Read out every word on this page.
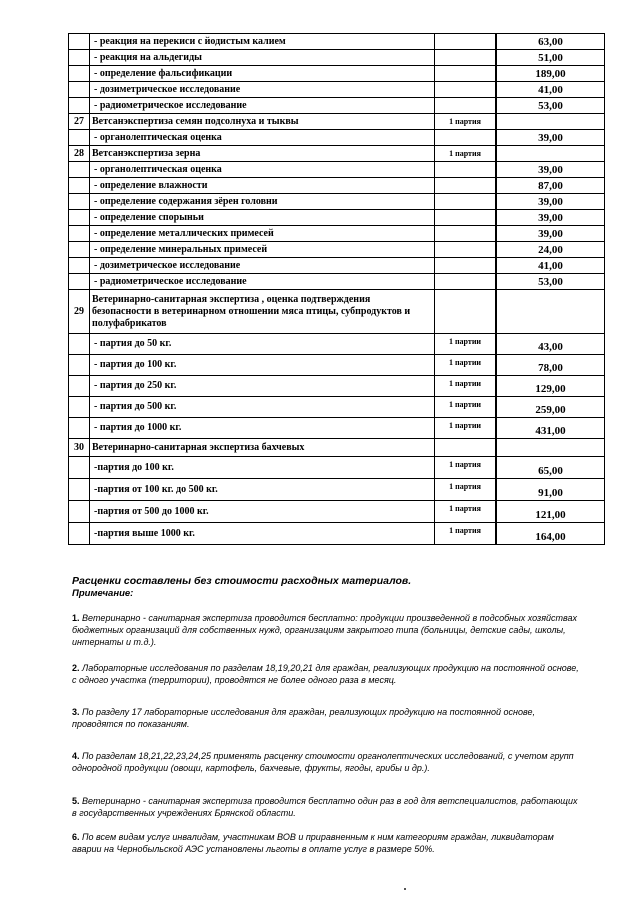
	- реакция на перекиси с йодистым калием		63,00
	- реакция на альдегиды		51,00
	- определение фальсификации		189,00
	- дозиметрическое исследование		41,00
	- радиометрическое исследование		53,00
27	Ветсанэкспертиза семян подсолнуха и тыквы	1 партия	
	- органолептическая оценка		39,00
28	Ветсанэкспертиза зерна	1 партия	
	- органолептическая оценка		39,00
	- определение влажности		87,00
	- определение содержания зёрен головни		39,00
	- определение спорыньи		39,00
	- определение металлических примесей		39,00
	- определение минеральных примесей		24,00
	- дозиметрическое исследование		41,00
	- радиометрическое исследование		53,00
29	Ветеринарно-санитарная экспертиза , оценка подтверждения безопасности в ветеринарном отношении мяса птицы, субпродуктов и полуфабрикатов		
	- партия до 50 кг.	1 партии	43,00
	- партия до 100 кг.	1 партии	78,00
	- партия до 250 кг.	1 партии	129,00
	- партия до 500 кг.	1 партии	259,00
	- партия до 1000 кг.	1 партии	431,00
30	Ветеринарно-санитарная экспертиза бахчевых		
	-партия до 100 кг.	1 партия	65,00
	-партия от 100 кг. до 500 кг.	1 партия	91,00
	-партия от 500 до 1000 кг.	1 партия	121,00
	-партия выше 1000 кг.	1 партия	164,00
Расценки составлены без стоимости расходных материалов.
Примечание:
1. Ветеринарно - санитарная экспертиза проводится бесплатно: продукции произведенной в подсобных хозяйствах бюджетных организаций для собственных нужд, организациям закрытого типа (больницы, детские сады, школы, интернаты и т.д.).
2. Лабораторные исследования по разделам 18,19,20,21 для граждан, реализующих продукцию на постоянной основе, с одного участка (территории), проводятся не более одного раза в месяц.
3. По разделу 17 лабораторные исследования для граждан, реализующих продукцию на постоянной основе, проводятся по показаниям.
4. По разделам 18,21,22,23,24,25 применять расценку стоимости органолептических исследований, с учетом групп однородной продукции (овощи, картофель, бахчевые, фрукты, ягоды, грибы и др.).
5. Ветеринарно - санитарная экспертиза проводится бесплатно один раз в год для ветспециалистов, работающих в государственных учреждениях Брянской области.
6. По всем видам услуг инвалидам, участникам ВОВ и приравненным к ним категориям граждан, ликвидаторам аварии на Чернобыльской АЭС установлены льготы в оплате услуг в размере 50%.
